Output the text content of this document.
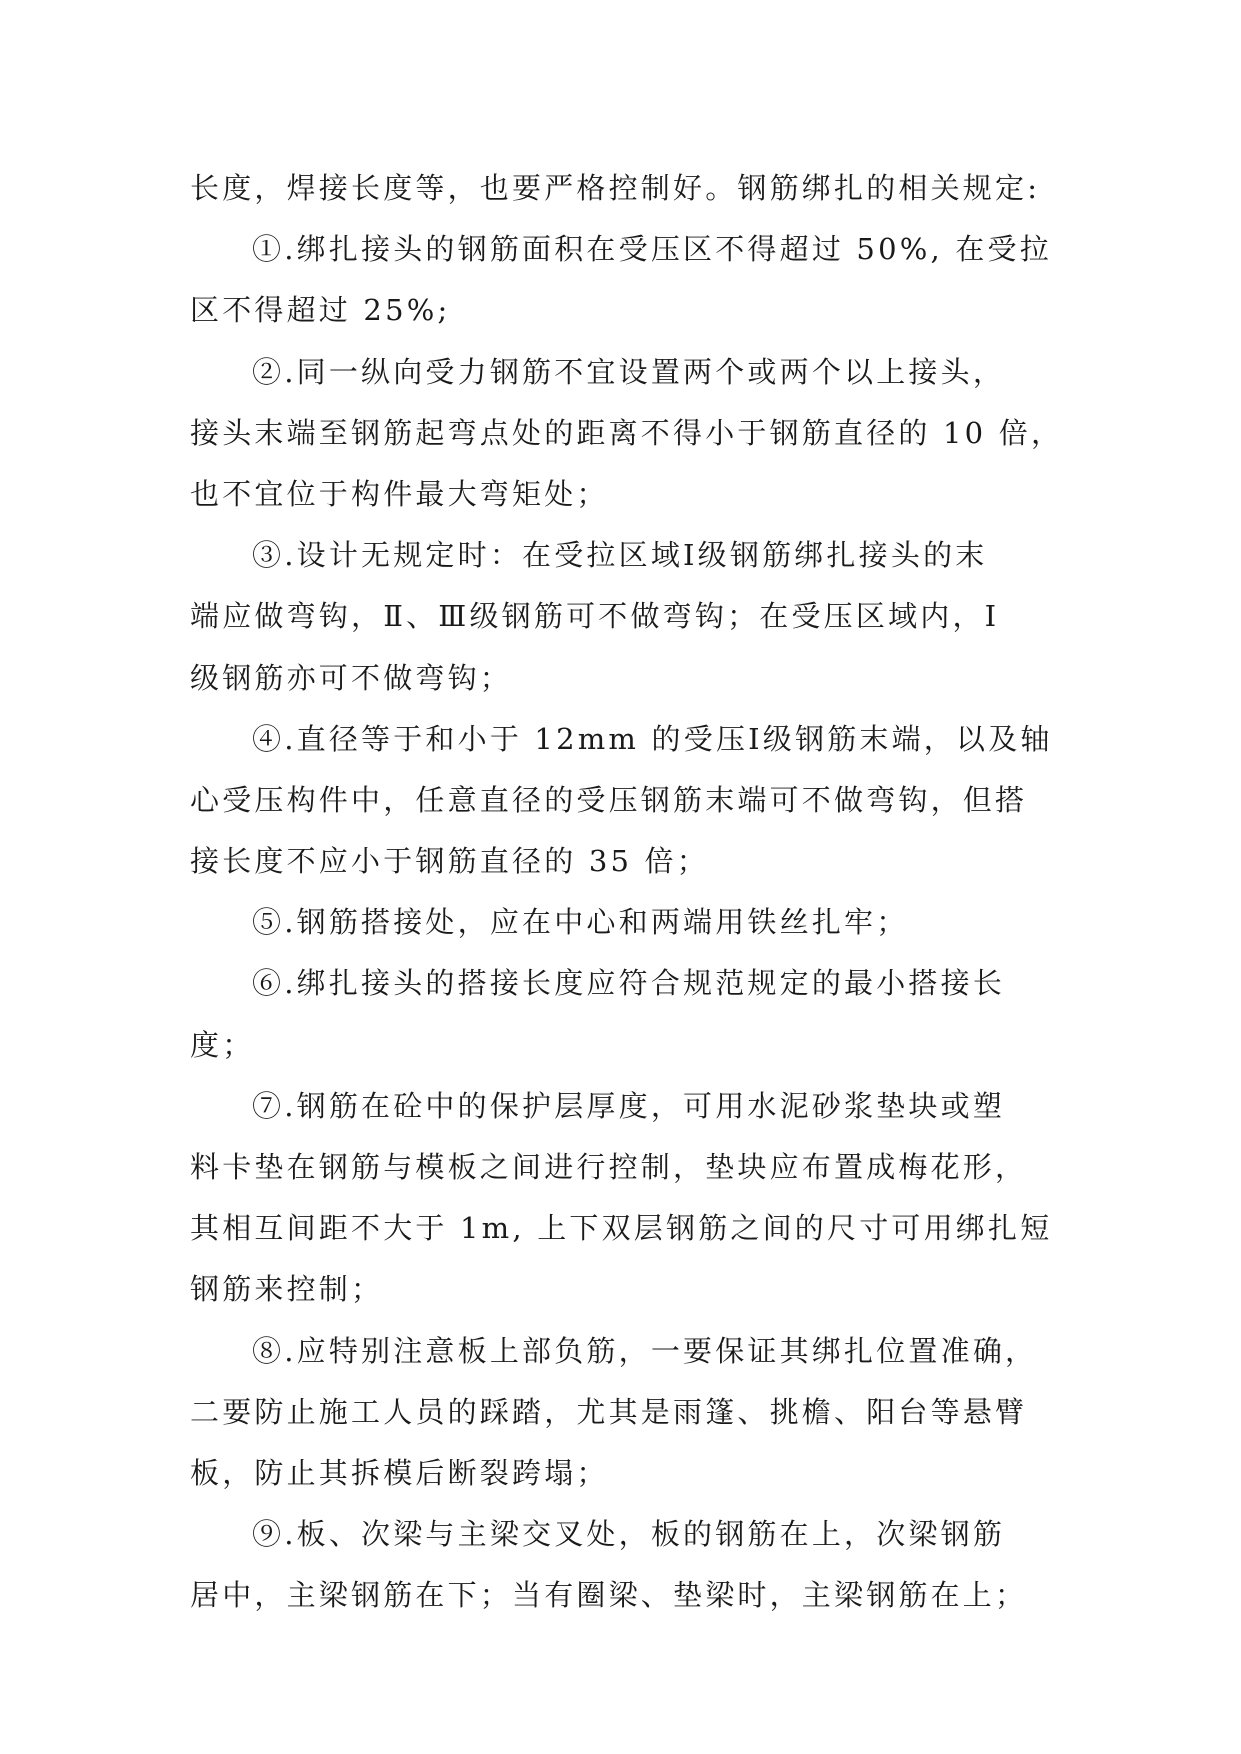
长度，焊接长度等，也要严格控制好。钢筋绑扎的相关规定:
①.绑扎接头的钢筋面积在受压区不得超过 50%, 在受拉
区不得超过 25%;
②.同一纵向受力钢筋不宜设置两个或两个以上接头，
接头末端至钢筋起弯点处的距离不得小于钢筋直径的 10 倍，
也不宜位于构件最大弯矩处；
③.设计无规定时：在受拉区域Ⅰ级钢筋绑扎接头的末
端应做弯钩，Ⅱ、Ⅲ级钢筋可不做弯钩；在受压区域内，Ⅰ
级钢筋亦可不做弯钩；
④.直径等于和小于 12mm 的受压Ⅰ级钢筋末端，以及轴
心受压构件中，任意直径的受压钢筋末端可不做弯钩，但搭
接长度不应小于钢筋直径的 35 倍；
⑤.钢筋搭接处，应在中心和两端用铁丝扎牢；
⑥.绑扎接头的搭接长度应符合规范规定的最小搭接长
度；
⑦.钢筋在砼中的保护层厚度，可用水泥砂浆垫块或塑
料卡垫在钢筋与模板之间进行控制，垫块应布置成梅花形，
其相互间距不大于 1m, 上下双层钢筋之间的尺寸可用绑扎短
钢筋来控制；
⑧.应特别注意板上部负筋，一要保证其绑扎位置准确，
二要防止施工人员的踩踏，尤其是雨篷、挑檐、阳台等悬臂
板，防止其拆模后断裂跨塌；
⑨.板、次梁与主梁交叉处，板的钢筋在上，次梁钢筋
居中，主梁钢筋在下；当有圈梁、垫梁时，主梁钢筋在上；
